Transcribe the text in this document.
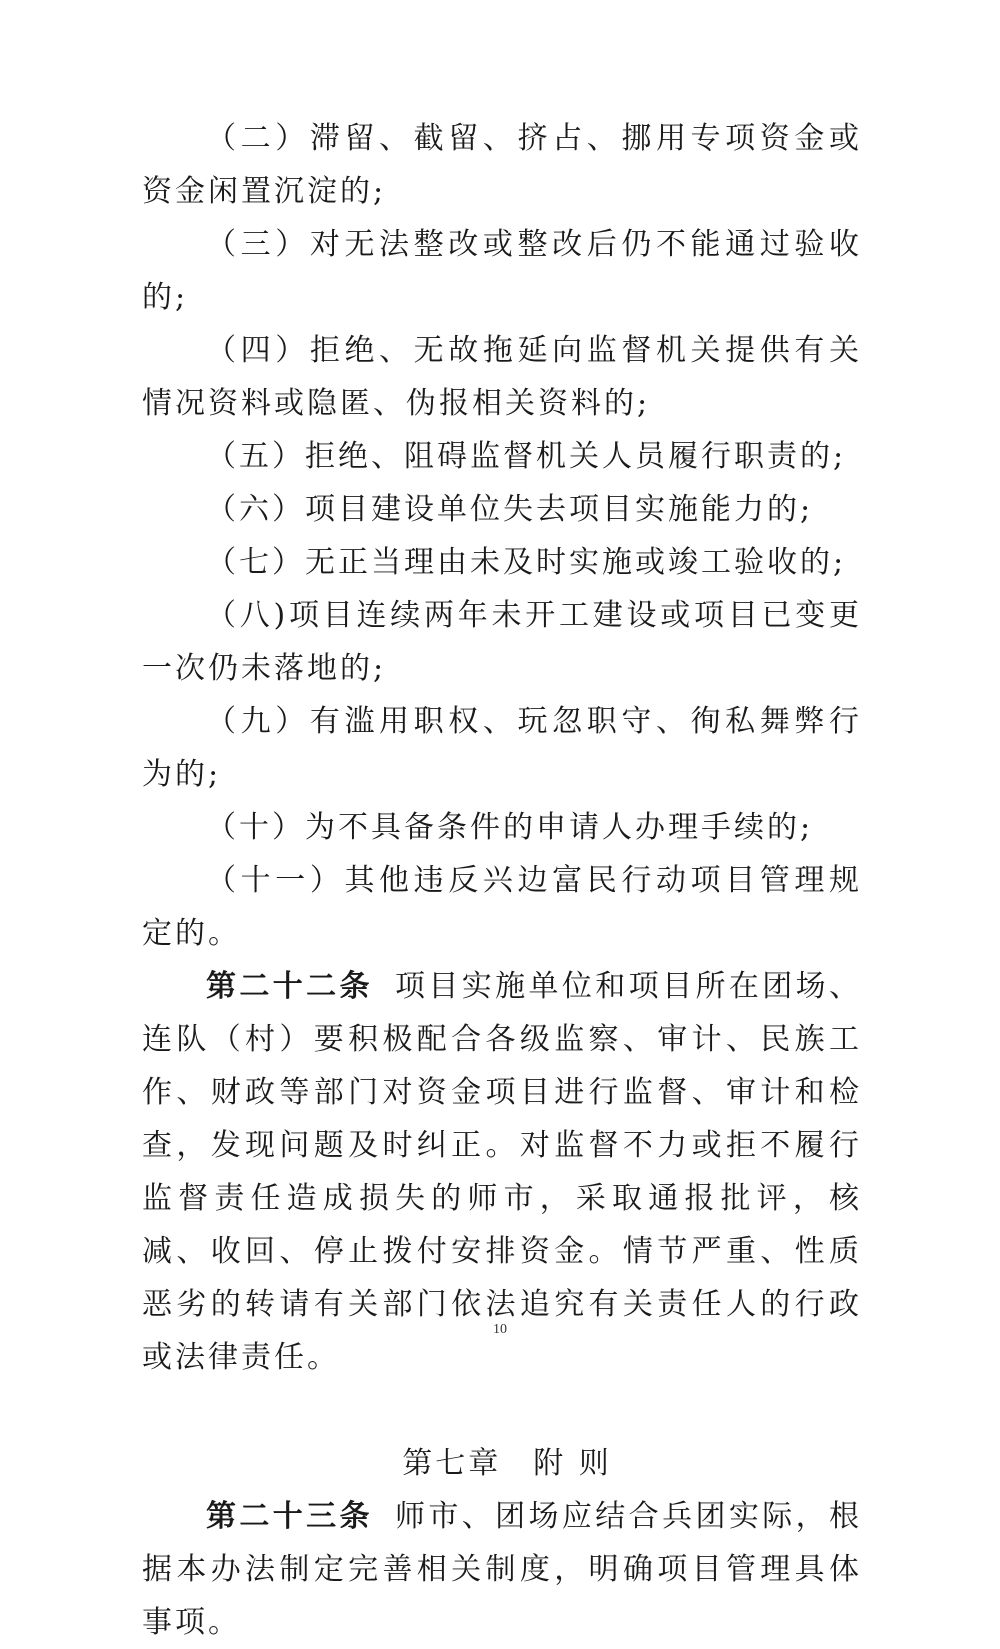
（二）滞留、截留、挤占、挪用专项资金或资金闲置沉淀的;

（三）对无法整改或整改后仍不能通过验收的;

（四）拒绝、无故拖延向监督机关提供有关情况资料或隐匿、伪报相关资料的;

（五）拒绝、阻碍监督机关人员履行职责的;

（六）项目建设单位失去项目实施能力的;

（七）无正当理由未及时实施或竣工验收的;

（八)项目连续两年未开工建设或项目已变更一次仍未落地的;

（九）有滥用职权、玩忽职守、徇私舞弊行为的;

（十）为不具备条件的申请人办理手续的;

（十一）其他违反兴边富民行动项目管理规定的。

第二十二条 项目实施单位和项目所在团场、连队（村）要积极配合各级监察、审计、民族工作、财政等部门对资金项目进行监督、审计和检查，发现问题及时纠正。对监督不力或拒不履行监督责任造成损失的师市，采取通报批评，核减、收回、停止拨付安排资金。情节严重、性质恶劣的转请有关部门依法追究有关责任人的行政或法律责任。

第七章 附 则

第二十三条 师市、团场应结合兵团实际，根据本办法制定完善相关制度，明确项目管理具体事项。

10
